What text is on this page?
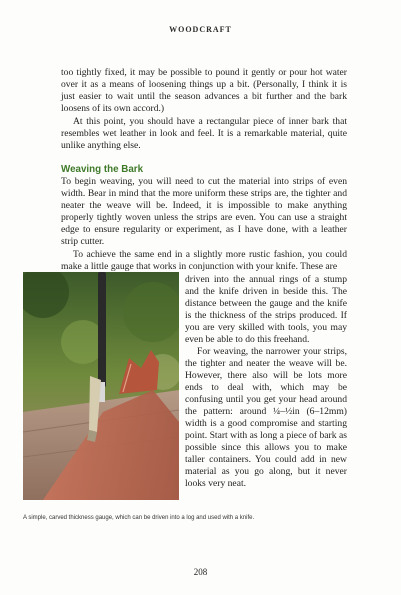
WOODCRAFT

too tightly fixed, it may be possible to pound it gently or pour hot water over it as a means of loosening things up a bit. (Personally, I think it is just easier to wait until the season advances a bit further and the bark loosens of its own accord.)

At this point, you should have a rectangular piece of inner bark that resembles wet leather in look and feel. It is a remarkable material, quite unlike anything else.

Weaving the Bark

To begin weaving, you will need to cut the material into strips of even width. Bear in mind that the more uniform these strips are, the tighter and neater the weave will be. Indeed, it is impossible to make anything properly tightly woven unless the strips are even. You can use a straight edge to ensure regularity or experiment, as I have done, with a leather strip cutter.

To achieve the same end in a slightly more rustic fashion, you could make a little gauge that works in conjunction with your knife. These are

driven into the annual rings of a stump and the knife driven in beside this. The distance between the gauge and the knife is the thickness of the strips produced. If you are very skilled with tools, you may even be able to do this freehand.

For weaving, the narrower your strips, the tighter and neater the weave will be. However, there also will be lots more ends to deal with, which may be confusing until you get your head around the pattern: around ¼–½in (6–12mm) width is a good compromise and starting point. Start with as long a piece of bark as possible since this allows you to make taller containers. You could add in new material as you go along, but it never looks very neat.

A simple, carved thickness gauge, which can be driven into a log and used with a knife.
208
